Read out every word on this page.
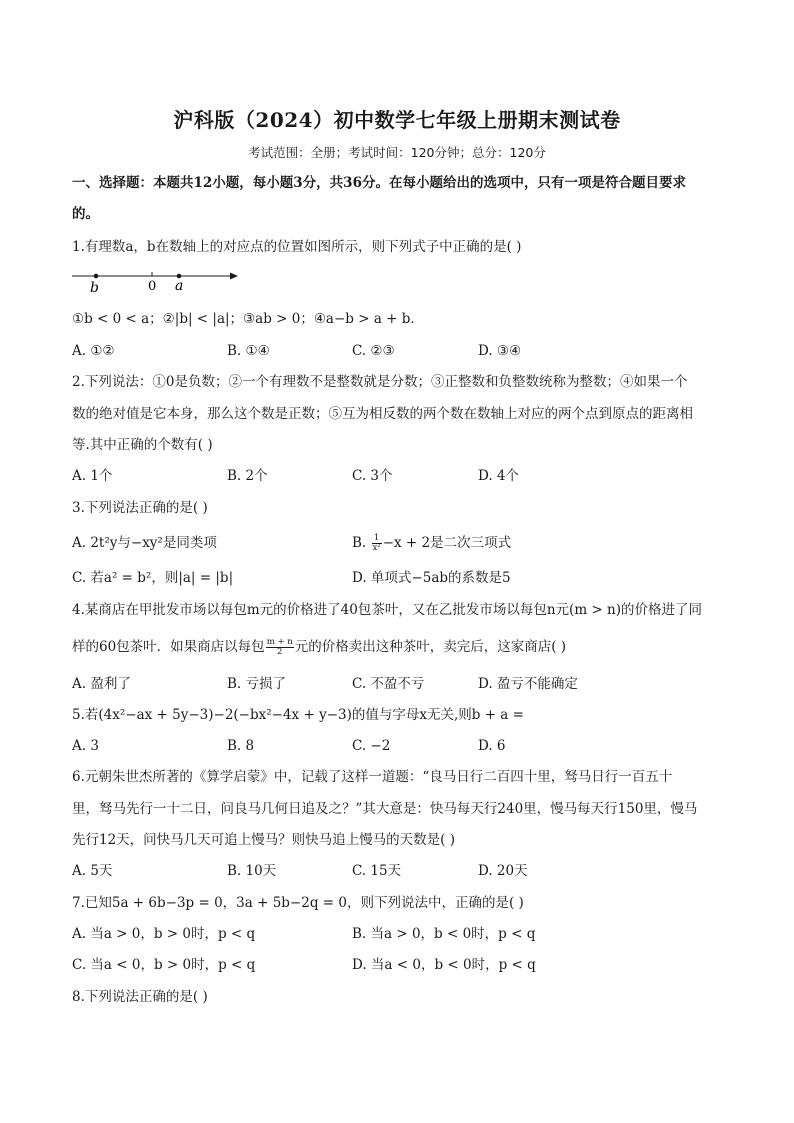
沪科版（2024）初中数学七年级上册期末测试卷
考试范围：全册；考试时间：120分钟；总分：120分
一、选择题：本题共12小题，每小题3分，共36分。在每小题给出的选项中，只有一项是符合题目要求
的。
1.有理数a，b在数轴上的对应点的位置如图所示，则下列式子中正确的是( )
b	0 a
①b < 0 < a；②|b| < |a|；③ab > 0；④a−b > a + b．
A. ①②	B. ①④	C. ②③	D. ③④
2.下列说法：①0是负数；②一个有理数不是整数就是分数；③正整数和负整数统称为整数；④如果一个
数的绝对值是它本身，那么这个数是正数；⑤互为相反数的两个数在数轴上对应的两个点到原点的距离相
等.其中正确的个数有( )
A. 1个	B. 2个	C. 3个	D. 4个
3.下列说法正确的是( )
A. 2t²y与−xy²是同类项	B. $\frac{1}{\text{x²}} -x + 2$是二次三项式
C. 若a² = b²，则|a| = |b|	D. 单项式−5ab的系数是5
4.某商店在甲批发市场以每包m元的价格进了40包茶叶，又在乙批发市场以每包n元(m > n)的价格进了同
样的60包茶叶．如果商店以每包 $\frac{m + n}{2}$ 元的价格卖出这种茶叶，卖完后，这家商店( )
A. 盈利了	B. 亏损了	C. 不盈不亏	D. 盈亏不能确定
5.若(4x²−ax + 5y−3)−2(−bx²−4x + y−3)的值与字母x无关,则b + a =
A. 3	B. 8	C. −2	D. 6
6.元朝朱世杰所著的《算学启蒙》中，记载了这样一道题：“良马日行二百四十里，驽马日行一百五十
里，驽马先行一十二日，问良马几何日追及之？”其大意是：快马每天行240里，慢马每天行150里，慢马
先行12天，问快马几天可追上慢马？则快马追上慢马的天数是( )
A. 5天	B. 10天	C. 15天	D. 20天
7.已知5a + 6b−3p = 0，3a + 5b−2q = 0，则下列说法中，正确的是( )
A. 当a > 0，b > 0时，p < q	B. 当a > 0，b < 0时，p < q
C. 当a < 0，b > 0时，p < q	D. 当a < 0，b < 0时，p < q
8.下列说法正确的是( )
